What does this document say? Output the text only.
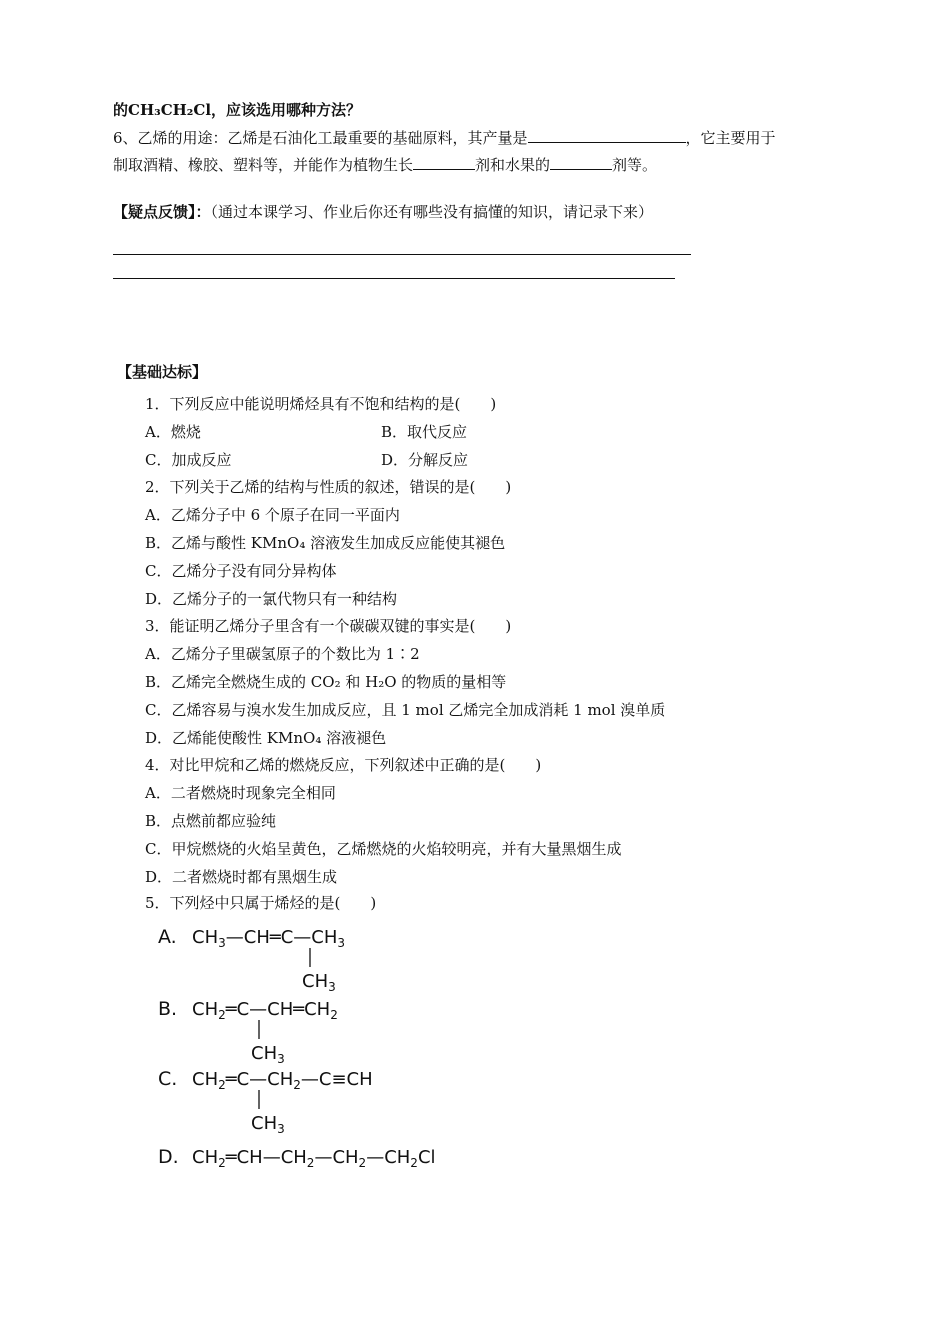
的CH₃CH₂Cl，应该选用哪种方法？
6、乙烯的用途：乙烯是石油化工最重要的基础原料，其产量是	，它主要用于
制取酒精、橡胶、塑料等，并能作为植物生长	剂和水果的	剂等。
【疑点反馈】：（通过本课学习、作业后你还有哪些没有搞懂的知识，请记录下来）
【基础达标】
1．下列反应中能说明烯烃具有不饱和结构的是(　　)
A．燃烧	B．取代反应
C．加成反应	D．分解反应
2．下列关于乙烯的结构与性质的叙述，错误的是(　　)
A．乙烯分子中 6 个原子在同一平面内
B．乙烯与酸性 KMnO₄ 溶液发生加成反应能使其褪色
C．乙烯分子没有同分异构体
D．乙烯分子的一氯代物只有一种结构
3．能证明乙烯分子里含有一个碳碳双键的事实是(　　)
A．乙烯分子里碳氢原子的个数比为 1∶2
B．乙烯完全燃烧生成的 CO₂ 和 H₂O 的物质的量相等
C．乙烯容易与溴水发生加成反应，且 1 mol 乙烯完全加成消耗 1 mol 溴单质
D．乙烯能使酸性 KMnO₄ 溶液褪色
4．对比甲烷和乙烯的燃烧反应，下列叙述中正确的是(　　)
A．二者燃烧时现象完全相同
B．点燃前都应验纯
C．甲烷燃烧的火焰呈黄色，乙烯燃烧的火焰较明亮，并有大量黑烟生成
D．二者燃烧时都有黑烟生成
5．下列烃中只属于烯烃的是(　　)
A. $CH_3—CH═C—CH_3$
$CH_3$
B. $CH_2═C—CH═CH_2$
$CH_3$
C. $CH_2═C—CH_2—C\equiv CH$
$CH_3$
D. $CH_2═CH—CH_2—CH_2—CH_2Cl$
